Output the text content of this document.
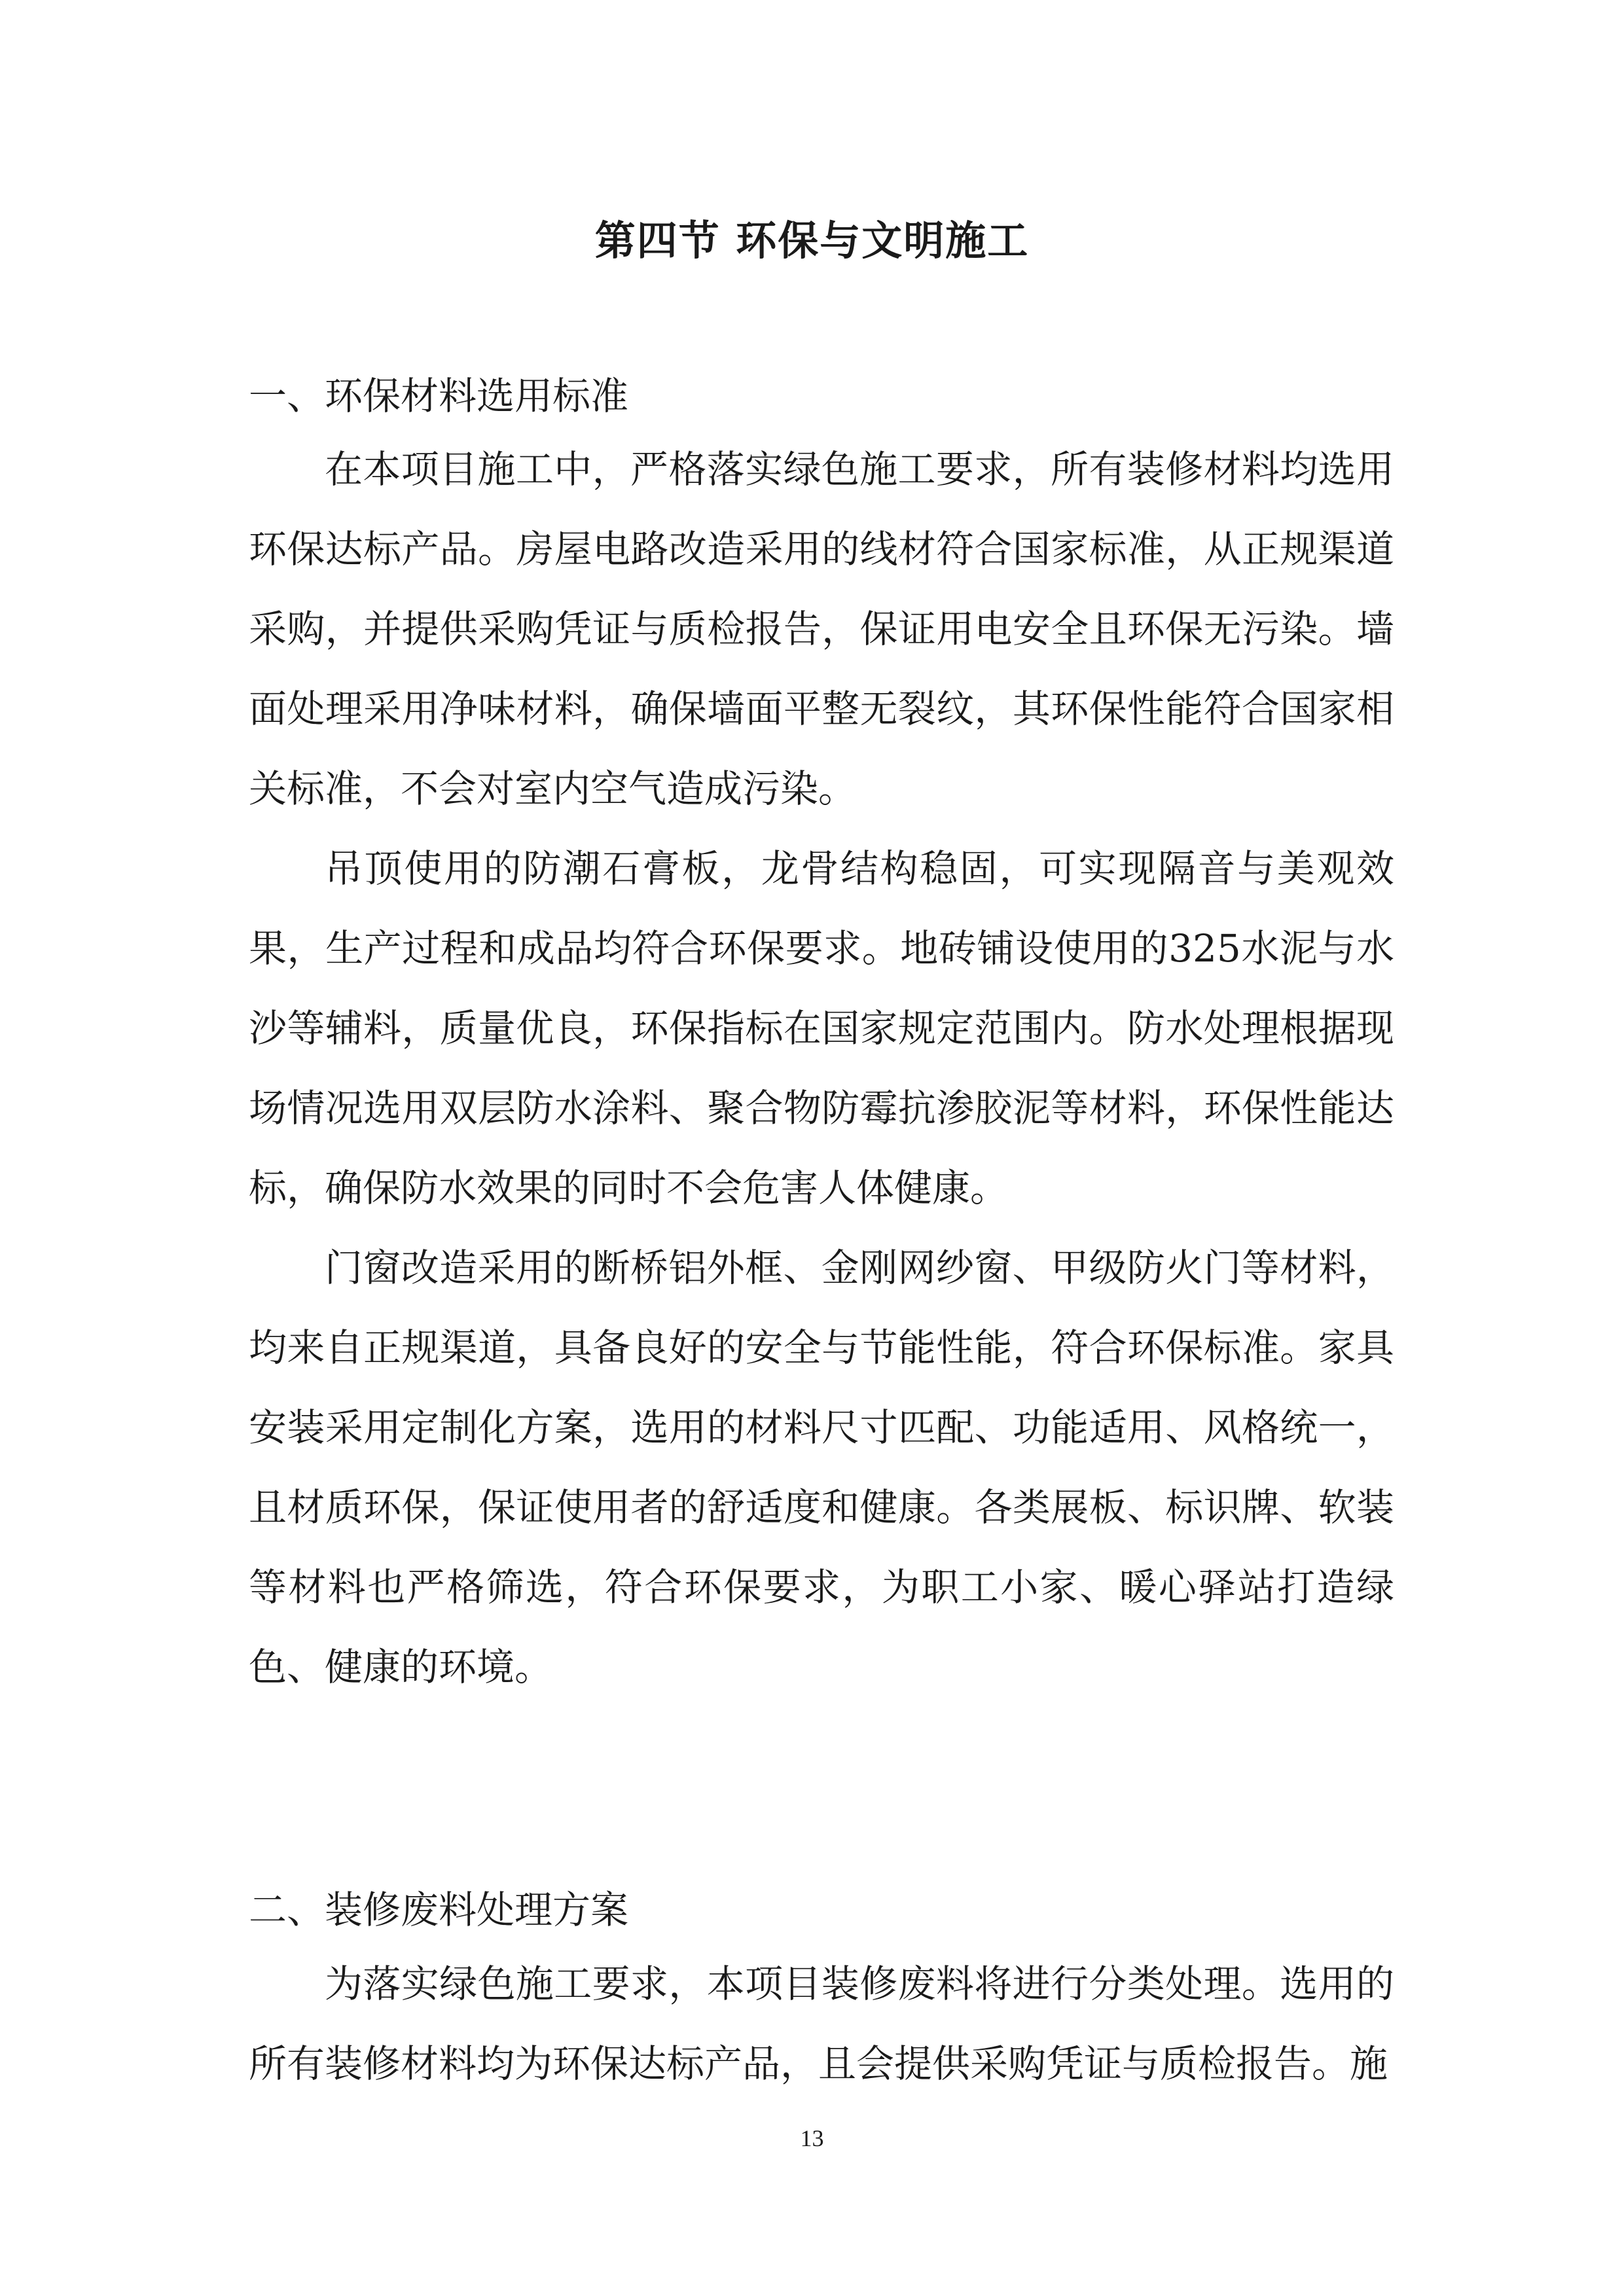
第四节 环保与文明施工
一、环保材料选用标准

在本项目施工中，严格落实绿色施工要求，所有装修材料均选用环保达标产品。房屋电路改造采用的线材符合国家标准，从正规渠道采购，并提供采购凭证与质检报告，保证用电安全且环保无污染。墙面处理采用净味材料，确保墙面平整无裂纹，其环保性能符合国家相关标准，不会对室内空气造成污染。

吊顶使用的防潮石膏板，龙骨结构稳固，可实现隔音与美观效果，生产过程和成品均符合环保要求。地砖铺设使用的325水泥与水沙等辅料，质量优良，环保指标在国家规定范围内。防水处理根据现场情况选用双层防水涂料、聚合物防霉抗渗胶泥等材料，环保性能达标，确保防水效果的同时不会危害人体健康。

门窗改造采用的断桥铝外框、金刚网纱窗、甲级防火门等材料，均来自正规渠道，具备良好的安全与节能性能，符合环保标准。家具安装采用定制化方案，选用的材料尺寸匹配、功能适用、风格统一，且材质环保，保证使用者的舒适度和健康。各类展板、标识牌、软装等材料也严格筛选，符合环保要求，为职工小家、暖心驿站打造绿色、健康的环境。

二、装修废料处理方案

为落实绿色施工要求，本项目装修废料将进行分类处理。选用的所有装修材料均为环保达标产品，且会提供采购凭证与质检报告。施

13
